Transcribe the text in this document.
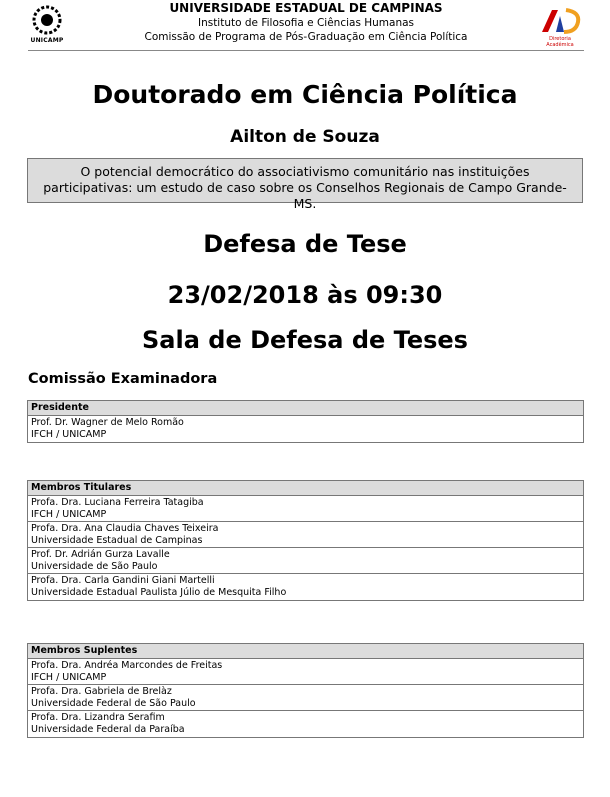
UNICAMP
UNIVERSIDADE ESTADUAL DE CAMPINAS
Instituto de Filosofia e Ciências Humanas
Comissão de Programa de Pós-Graduação em Ciência Política	Diretoria Acadêmica
Doutorado em Ciência Política
Ailton de Souza
O potencial democrático do associativismo comunitário nas instituições participativas: um estudo de caso sobre os Conselhos Regionais de Campo Grande-MS.
Defesa de Tese
23/02/2018 às 09:30
Sala de Defesa de Teses
Comissão Examinadora
Presidente
Prof. Dr. Wagner de Melo Romão
IFCH / UNICAMP
Membros Titulares
Profa. Dra. Luciana Ferreira Tatagiba
IFCH / UNICAMP
Profa. Dra. Ana Claudia Chaves Teixeira
Universidade Estadual de Campinas
Prof. Dr. Adrián Gurza Lavalle
Universidade de São Paulo
Profa. Dra. Carla Gandini Giani Martelli
Universidade Estadual Paulista Júlio de Mesquita Filho
Membros Suplentes
Profa. Dra. Andréa Marcondes de Freitas
IFCH / UNICAMP
Profa. Dra. Gabriela de Brelàz
Universidade Federal de São Paulo
Profa. Dra. Lizandra Serafim
Universidade Federal da Paraíba
